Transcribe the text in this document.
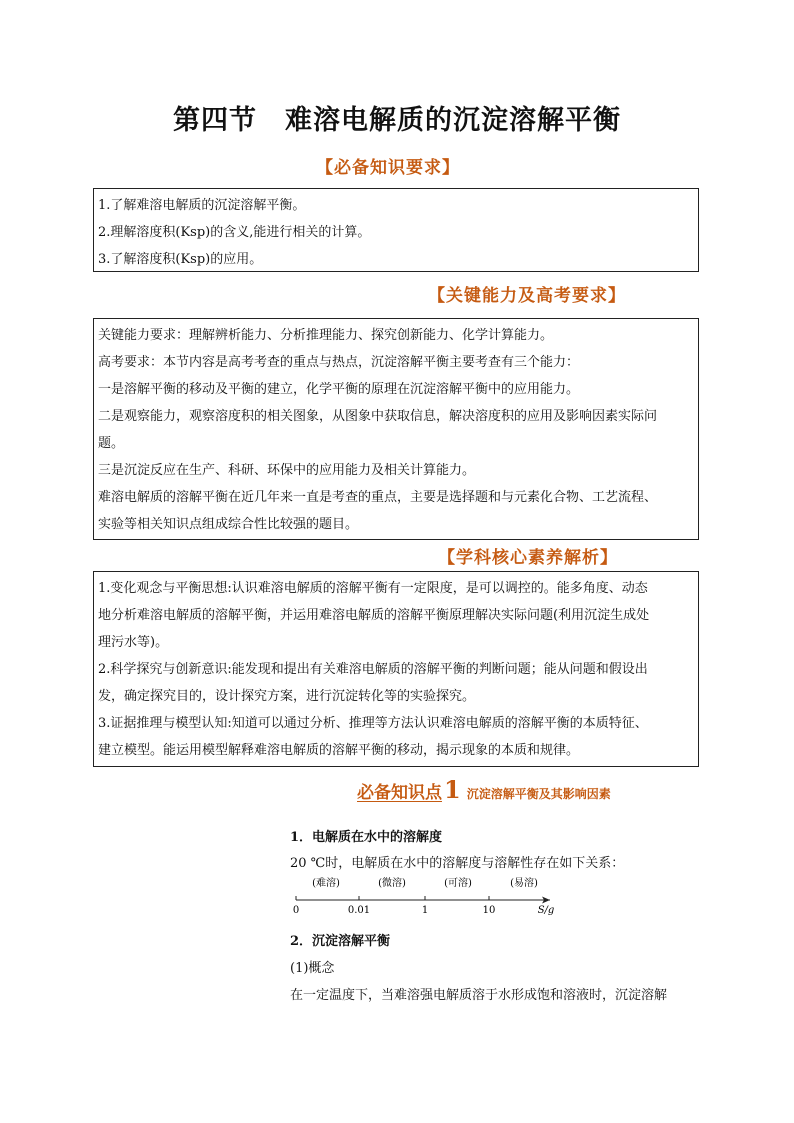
第四节　难溶电解质的沉淀溶解平衡
【必备知识要求】

1.了解难溶电解质的沉淀溶解平衡。

2.理解溶度积(Ksp)的含义,能进行相关的计算。

3.了解溶度积(Ksp)的应用。

【关键能力及高考要求】

关键能力要求：理解辨析能力、分析推理能力、探究创新能力、化学计算能力。

高考要求：本节内容是高考考查的重点与热点，沉淀溶解平衡主要考查有三个能力：

一是溶解平衡的移动及平衡的建立，化学平衡的原理在沉淀溶解平衡中的应用能力。

二是观察能力，观察溶度积的相关图象，从图象中获取信息，解决溶度积的应用及影响因素实际问

题。

三是沉淀反应在生产、科研、环保中的应用能力及相关计算能力。

难溶电解质的溶解平衡在近几年来一直是考查的重点，主要是选择题和与元素化合物、工艺流程、

实验等相关知识点组成综合性比较强的题目。

【学科核心素养解析】

1.变化观念与平衡思想:认识难溶电解质的溶解平衡有一定限度，是可以调控的。能多角度、动态

地分析难溶电解质的溶解平衡，并运用难溶电解质的溶解平衡原理解决实际问题(利用沉淀生成处

理污水等)。

2.科学探究与创新意识:能发现和提出有关难溶电解质的溶解平衡的判断问题；能从问题和假设出

发，确定探究目的，设计探究方案，进行沉淀转化等的实验探究。

3.证据推理与模型认知:知道可以通过分析、推理等方法认识难溶电解质的溶解平衡的本质特征、

建立模型。能运用模型解释难溶电解质的溶解平衡的移动，揭示现象的本质和规律。

必备知识点1 沉淀溶解平衡及其影响因素
1．电解质在水中的溶解度
20 ℃时，电解质在水中的溶解度与溶解性存在如下关系：
(难溶)	(微溶)	(可溶)	(易溶)
0	0.01	1	10	S/g
2．沉淀溶解平衡
(1)概念
在一定温度下，当难溶强电解质溶于水形成饱和溶液时，沉淀溶解
